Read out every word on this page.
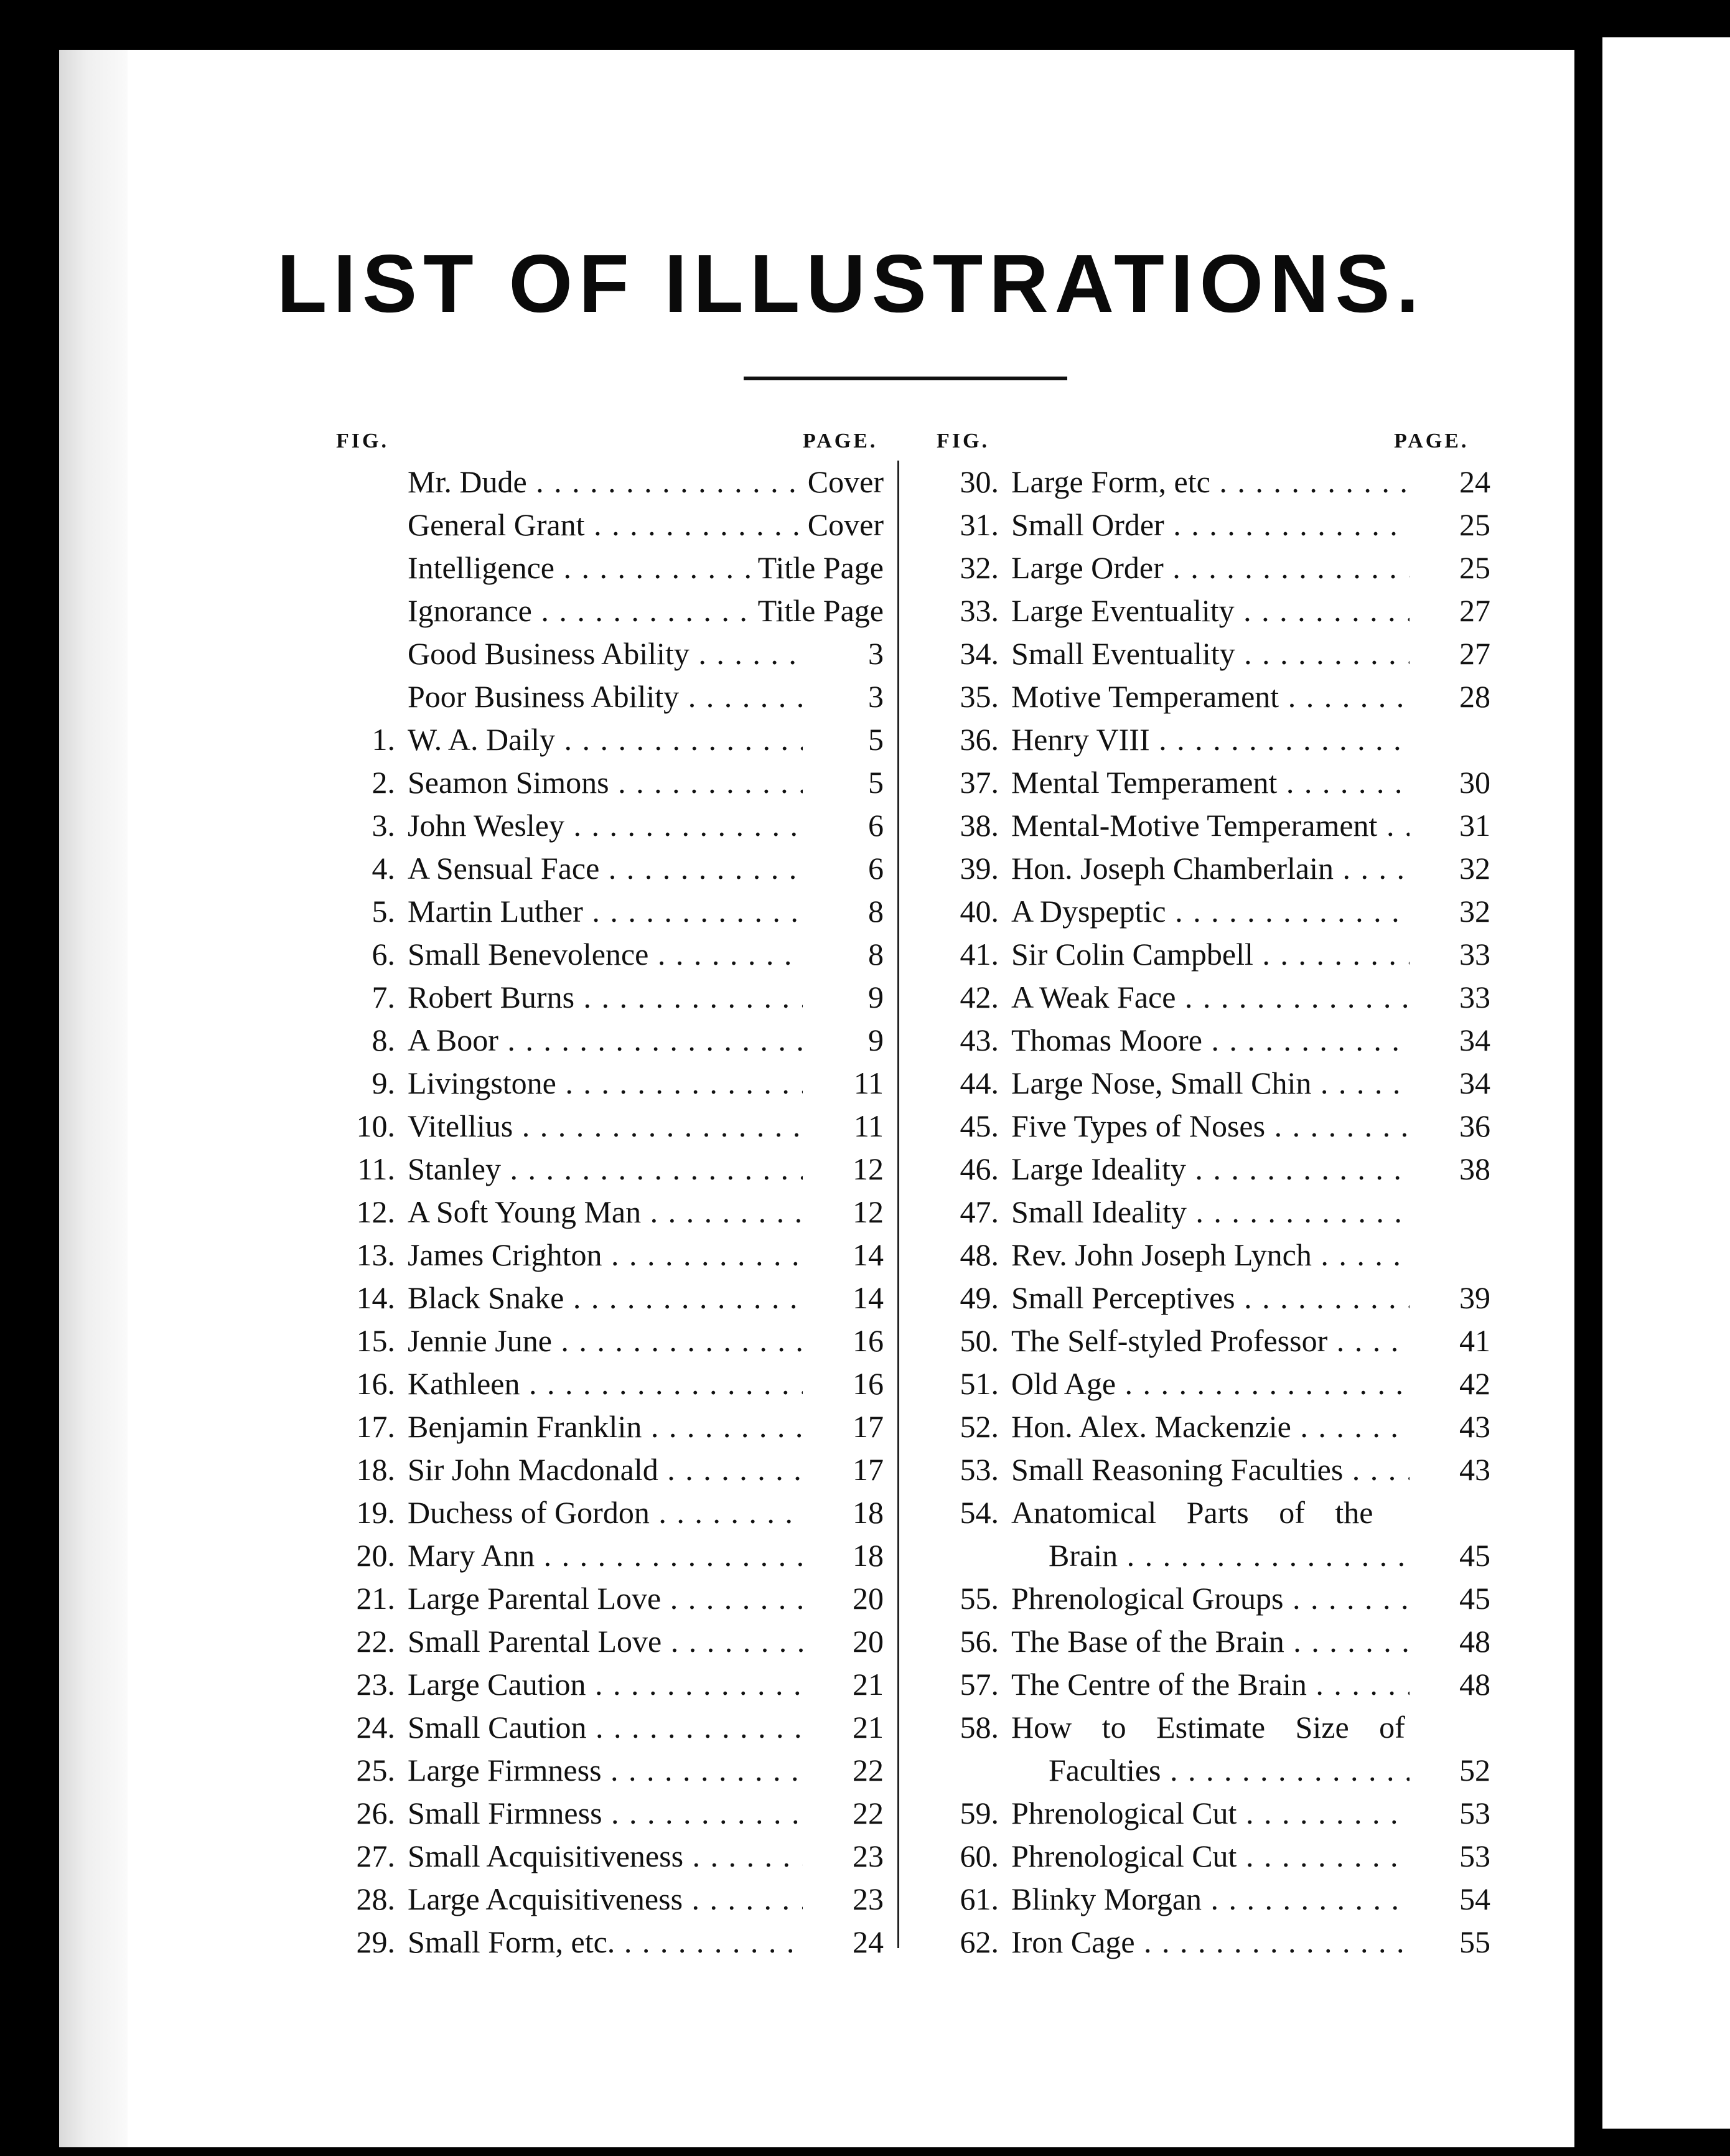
LIST OF ILLUSTRATIONS.
FIG.	PAGE.	FIG.	PAGE.
Mr. Dude . . .	Cover
General Grant . . .	Cover
Intelligence . . .	Title Page
Ignorance . . .	Title Page
Good Business Ability . . .	3
Poor Business Ability . . .	3
1. W. A. Daily . . .	5
2. Seamon Simons . . .	5
3. John Wesley . . .	6
4. A Sensual Face . . .	6
5. Martin Luther . . .	8
6. Small Benevolence . . .	8
7. Robert Burns . . .	9
8. A Boor . . .	9
9. Livingstone . . .	11
10. Vitellius . . .	11
11. Stanley . . .	12
12. A Soft Young Man . . .	12
13. James Crighton . . .	14
14. Black Snake . . .	14
15. Jennie June . . .	16
16. Kathleen . . .	16
17. Benjamin Franklin . . .	17
18. Sir John Macdonald . . .	17
19. Duchess of Gordon . . .	18
20. Mary Ann . . .	18
21. Large Parental Love . . .	20
22. Small Parental Love . . .	20
23. Large Caution . . .	21
24. Small Caution . . .	21
25. Large Firmness . . .	22
26. Small Firmness . . .	22
27. Small Acquisitiveness . . .	23
28. Large Acquisitiveness . . .	23
29. Small Form, etc. . . .	24
30. Large Form, etc . . .	24
31. Small Order . . .	25
32. Large Order . . .	25
33. Large Eventuality . . .	27
34. Small Eventuality . . .	27
35. Motive Temperament . . .	28
36. Henry VIII . . .
37. Mental Temperament . . .	30
38. Mental-Motive Temperament . . .	31
39. Hon. Joseph Chamberlain . . .	32
40. A Dyspeptic . . .	32
41. Sir Colin Campbell . . .	33
42. A Weak Face . . .	33
43. Thomas Moore . . .	34
44. Large Nose, Small Chin . . .	34
45. Five Types of Noses . . .	36
46. Large Ideality . . .	38
47. Small Ideality . . .
48. Rev. John Joseph Lynch . . .
49. Small Perceptives . . .	39
50. The Self-styled Professor . . .	41
51. Old Age . . .	42
52. Hon. Alex. Mackenzie . . .	43
53. Small Reasoning Faculties . . .	43
54. Anatomical Parts of the
Brain . . .	45
55. Phrenological Groups . . .	45
56. The Base of the Brain . . .	48
57. The Centre of the Brain . . .	48
58. How to Estimate Size of
Faculties . . .	52
59. Phrenological Cut . . .	53
60. Phrenological Cut . . .	53
61. Blinky Morgan . . .	54
62. Iron Cage . . .	55
